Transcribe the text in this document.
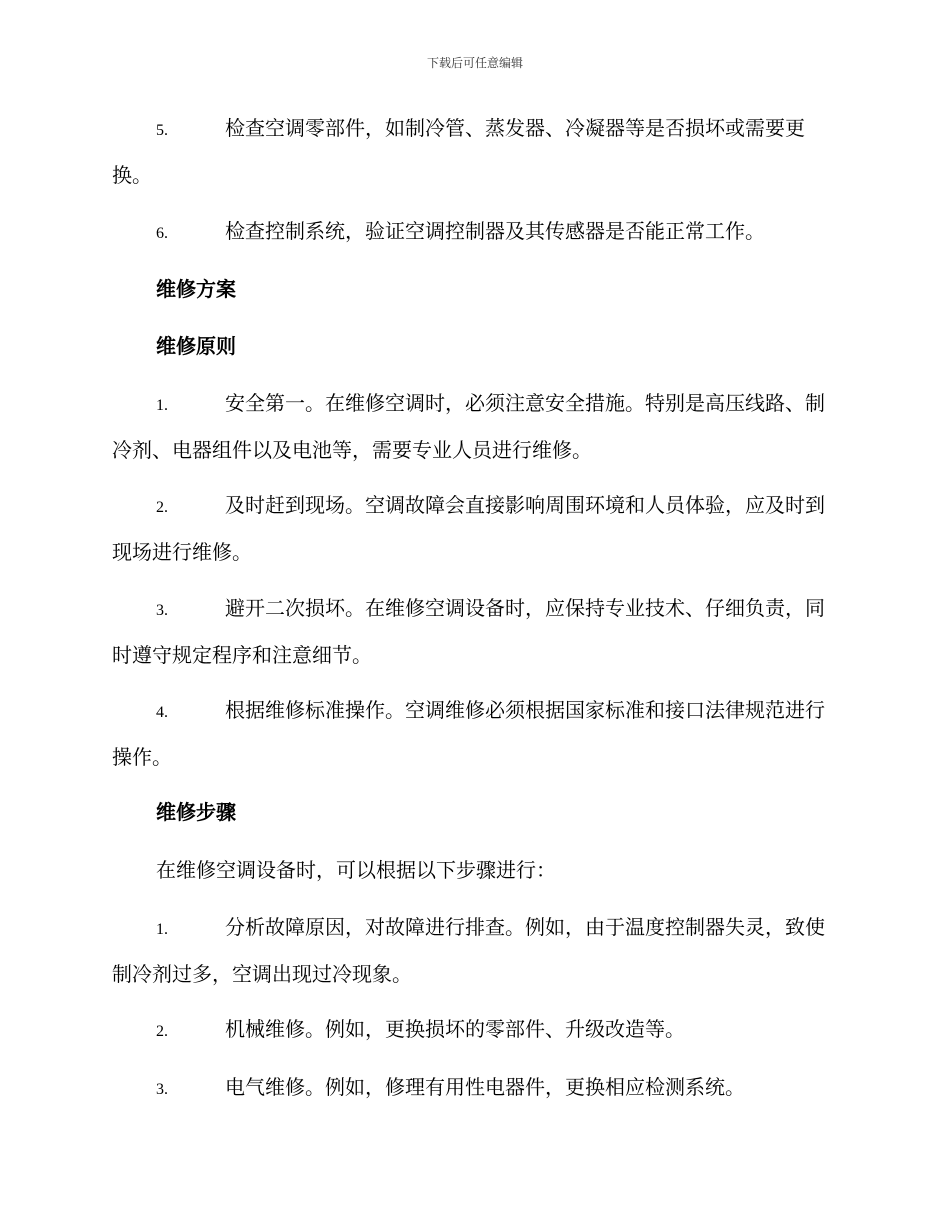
下载后可任意编辑
5.	检查空调零部件，如制冷管、蒸发器、冷凝器等是否损坏或需要更换。
6.	检查控制系统，验证空调控制器及其传感器是否能正常工作。
维修方案
维修原则
1.	安全第一。在维修空调时，必须注意安全措施。特别是高压线路、制冷剂、电器组件以及电池等，需要专业人员进行维修。
2.	及时赶到现场。空调故障会直接影响周围环境和人员体验，应及时到现场进行维修。
3.	避开二次损坏。在维修空调设备时，应保持专业技术、仔细负责，同时遵守规定程序和注意细节。
4.	根据维修标准操作。空调维修必须根据国家标准和接口法律规范进行操作。
维修步骤
在维修空调设备时，可以根据以下步骤进行：
1.	分析故障原因，对故障进行排查。例如，由于温度控制器失灵，致使制冷剂过多，空调出现过冷现象。
2.	机械维修。例如，更换损坏的零部件、升级改造等。
3.	电气维修。例如，修理有用性电器件，更换相应检测系统。
